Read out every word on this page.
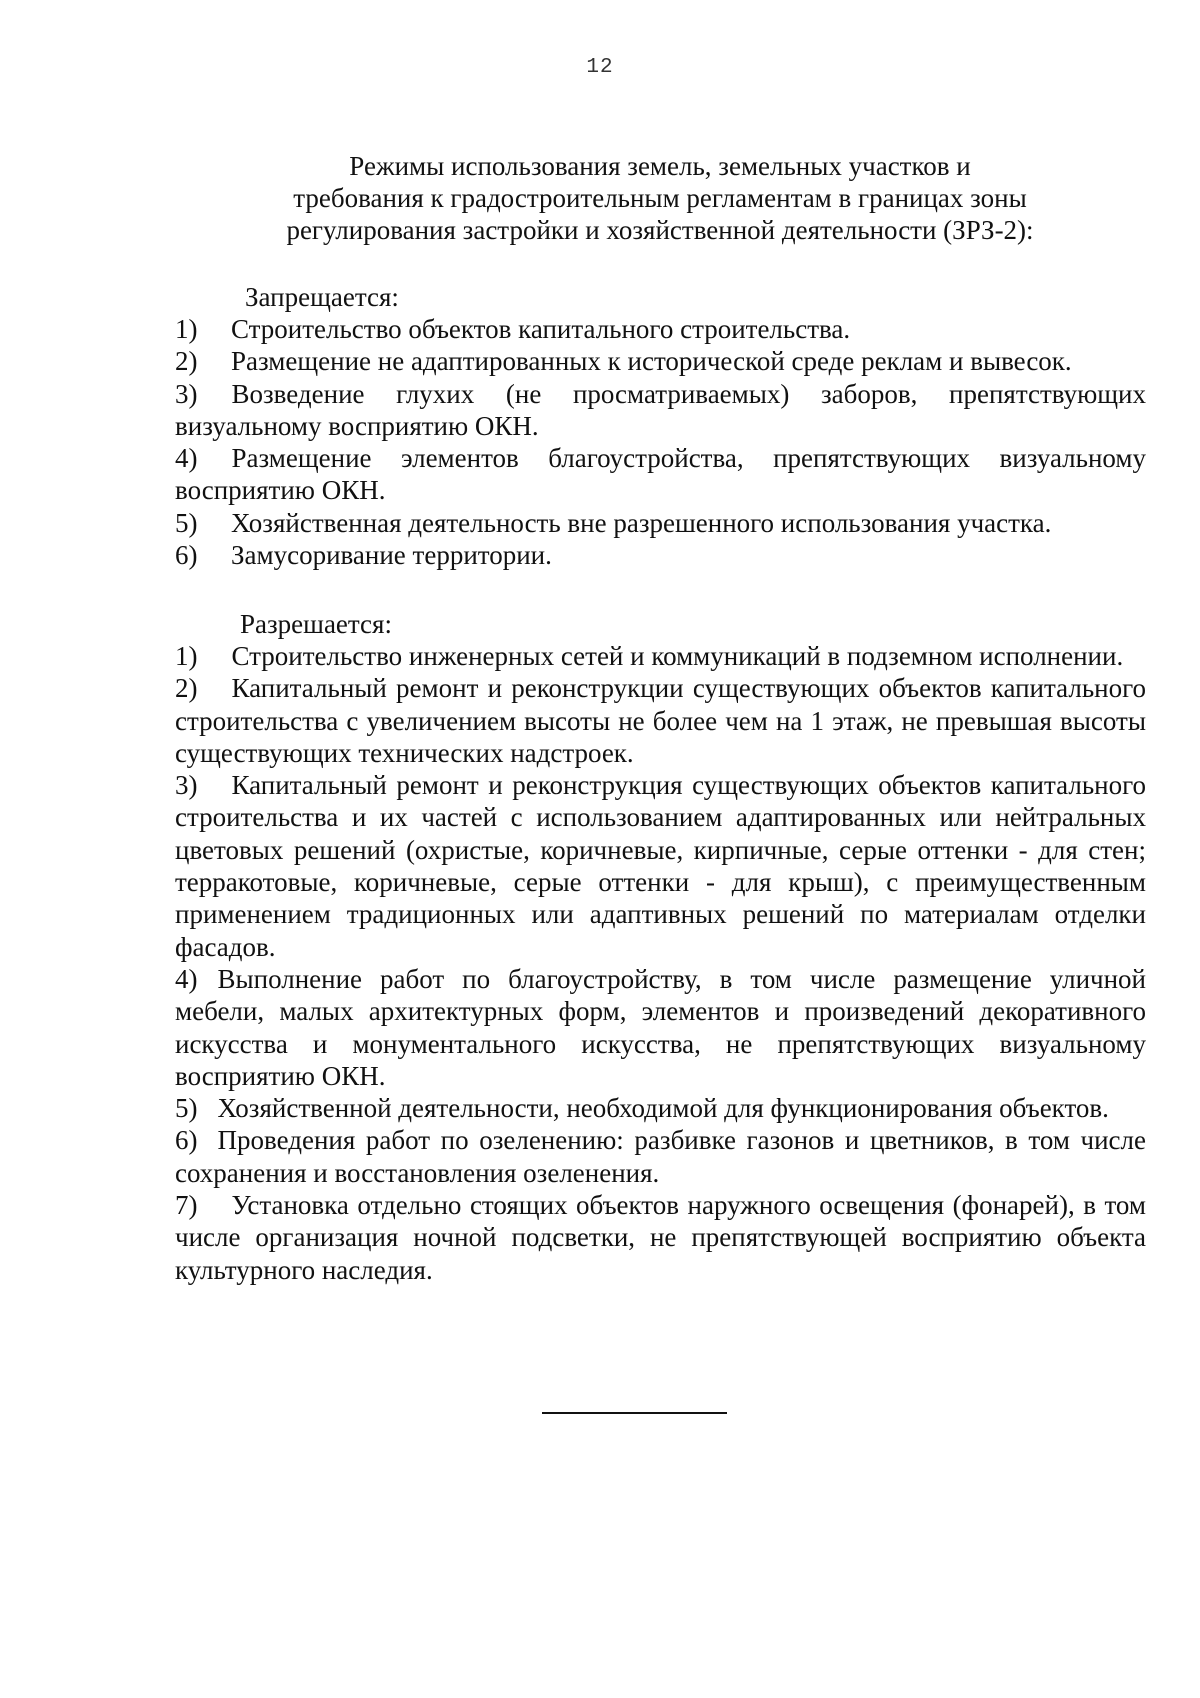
12
Режимы использования земель, земельных участков и
требования к градостроительным регламентам в границах зоны
регулирования застройки и хозяйственной деятельности (ЗРЗ-2):
Запрещается:
1) Строительство объектов капитального строительства.
2) Размещение не адаптированных к исторической среде реклам и вывесок.
3) Возведение глухих (не просматриваемых) заборов, препятствующих визуальному восприятию ОКН.
4) Размещение элементов благоустройства, препятствующих визуальному восприятию ОКН.
5) Хозяйственная деятельность вне разрешенного использования участка.
6) Замусоривание территории.
Разрешается:
1) Строительство инженерных сетей и коммуникаций в подземном исполнении.
2) Капитальный ремонт и реконструкции существующих объектов капитального строительства с увеличением высоты не более чем на 1 этаж, не превышая высоты существующих технических надстроек.
3) Капитальный ремонт и реконструкция существующих объектов капитального строительства и их частей с использованием адаптированных или нейтральных цветовых решений (охристые, коричневые, кирпичные, серые оттенки - для стен; терракотовые, коричневые, серые оттенки - для крыш), с преимущественным применением традиционных или адаптивных решений по материалам отделки фасадов.
4) Выполнение работ по благоустройству, в том числе размещение уличной мебели, малых архитектурных форм, элементов и произведений декоративного искусства и монументального искусства, не препятствующих визуальному восприятию ОКН.
5) Хозяйственной деятельности, необходимой для функционирования объектов.
6) Проведения работ по озеленению: разбивке газонов и цветников, в том числе сохранения и восстановления озеленения.
7) Установка отдельно стоящих объектов наружного освещения (фонарей), в том числе организация ночной подсветки, не препятствующей восприятию объекта культурного наследия.
